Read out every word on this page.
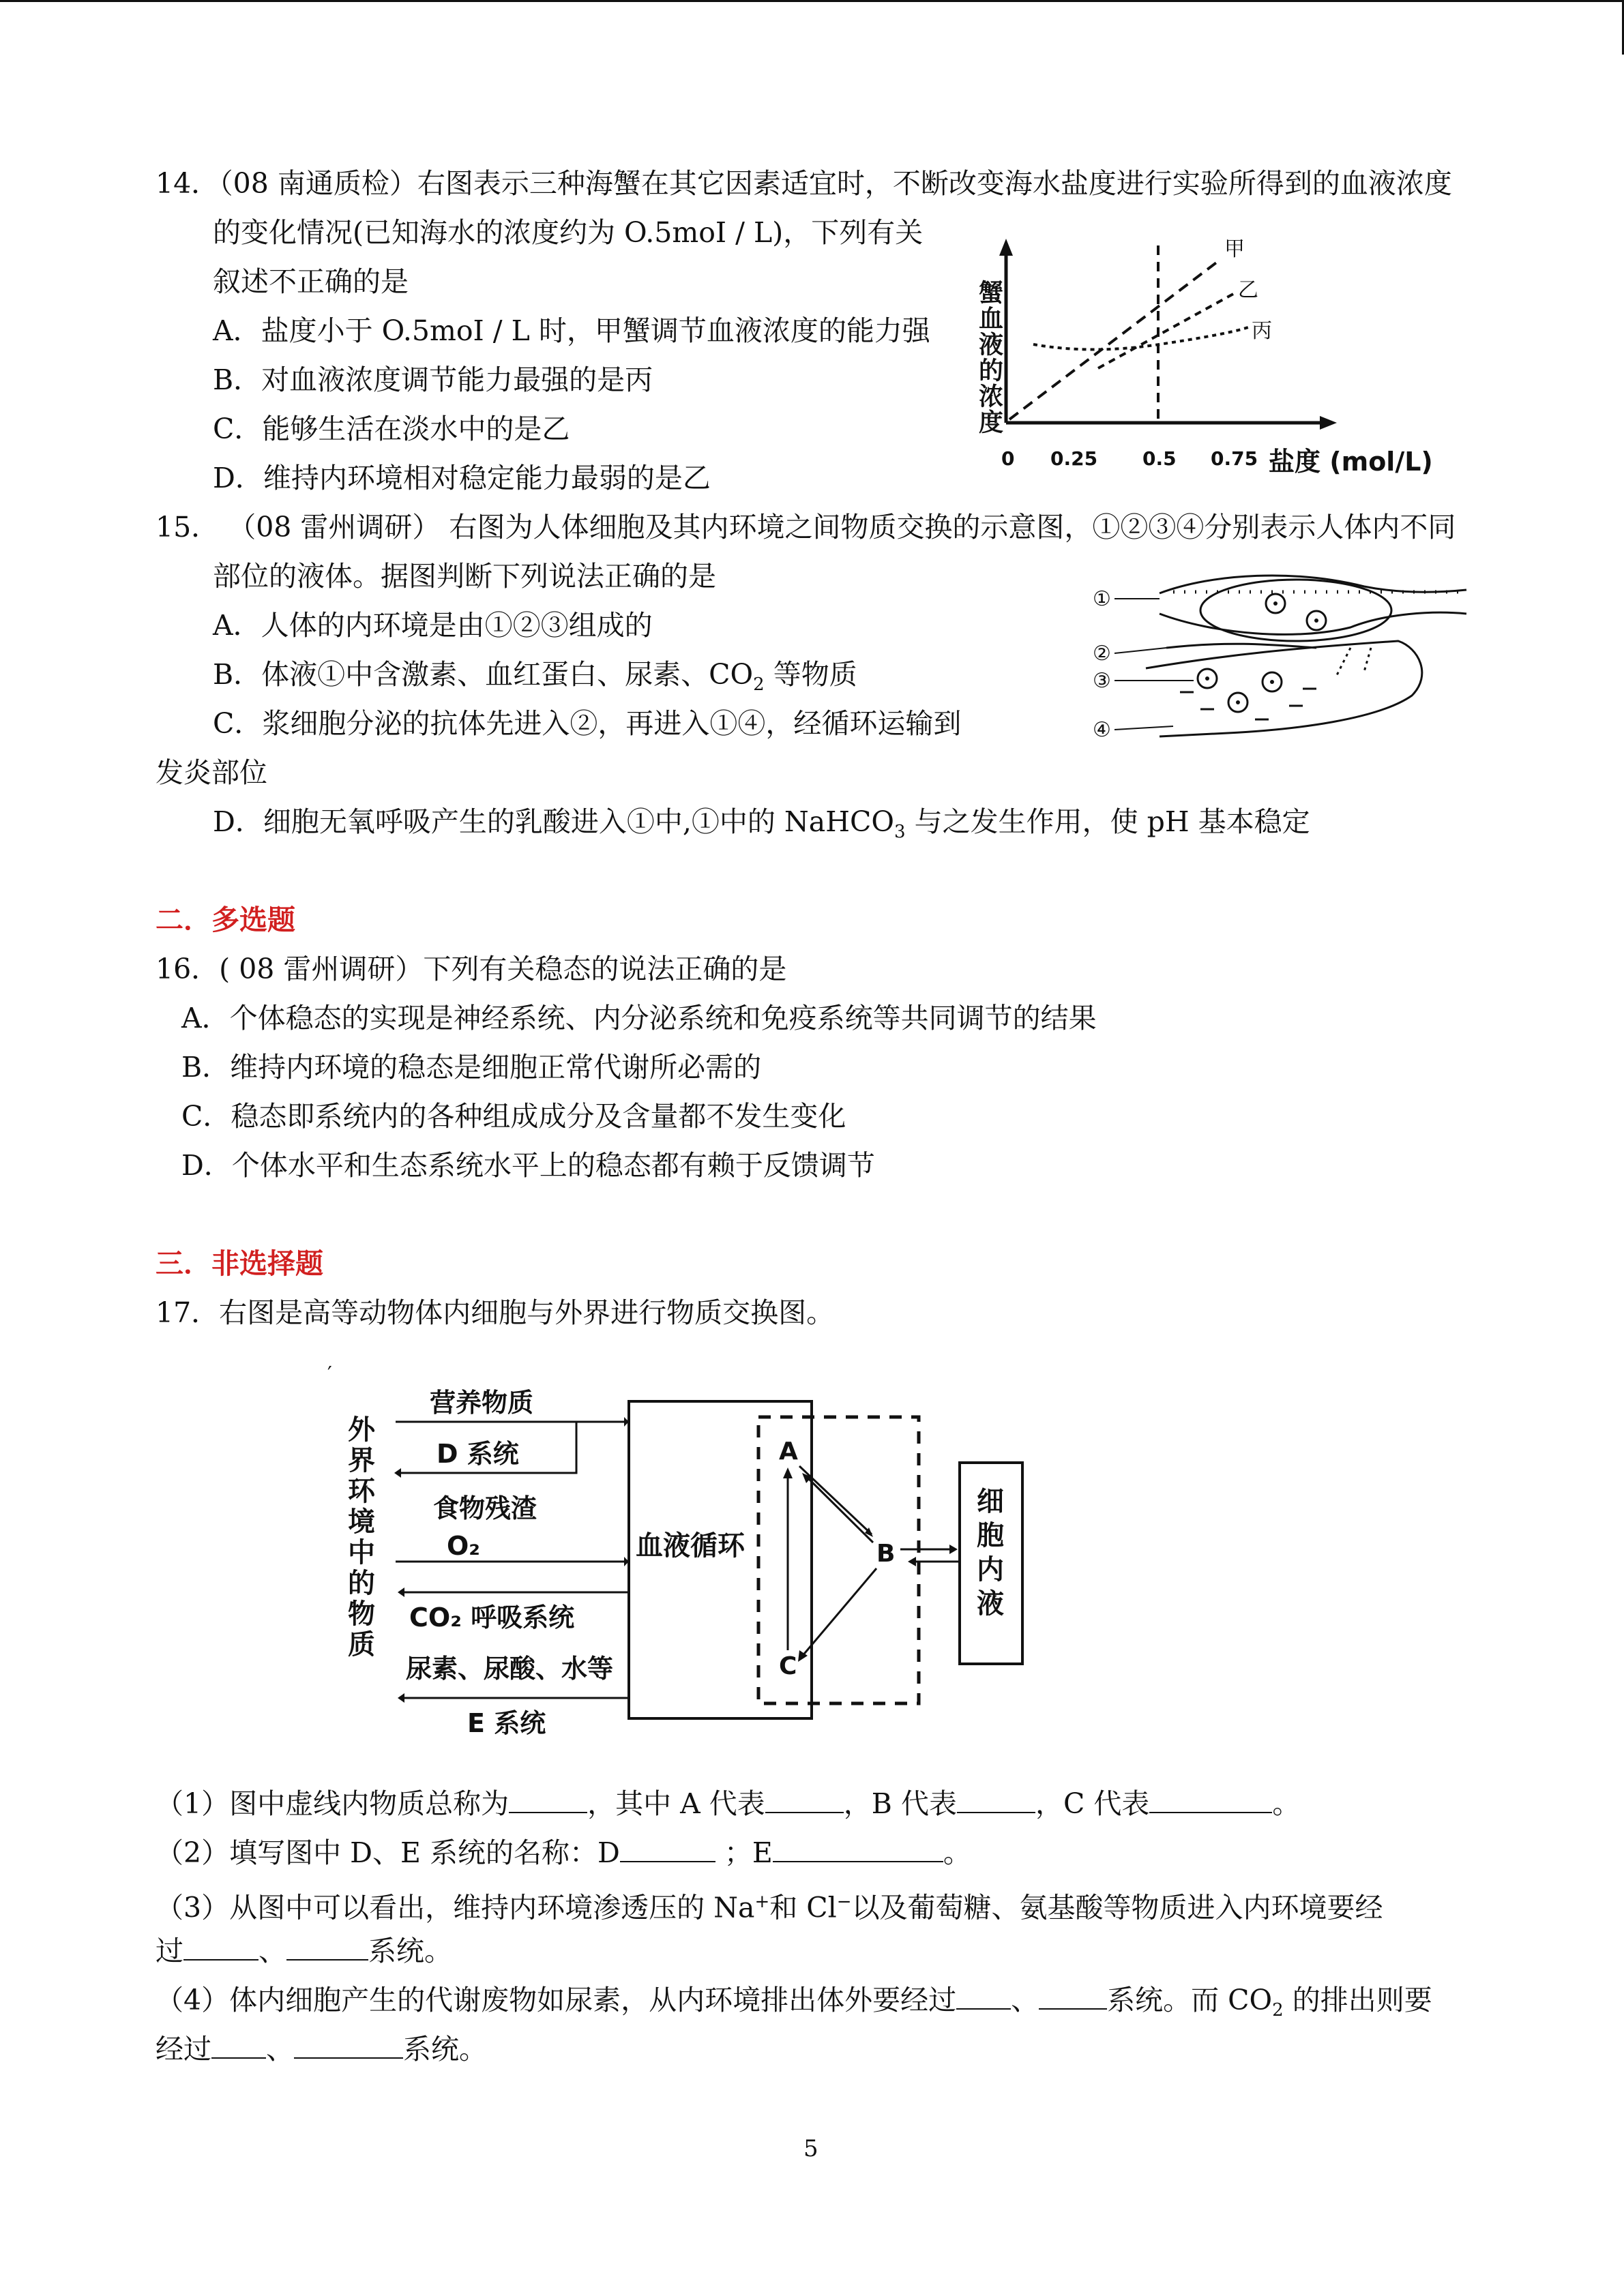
14．（08 南通质检）右图表示三种海蟹在其它因素适宜时，不断改变海水盐度进行实验所得到的血液浓度
的变化情况(已知海水的浓度约为 O.5moI / L)，下列有关
叙述不正确的是
A．盐度小于 O.5moI / L 时，甲蟹调节血液浓度的能力强
B．对血液浓度调节能力最强的是丙
C．能够生活在淡水中的是乙
D．维持内环境相对稳定能力最弱的是乙
蟹血液的浓度
甲
乙
丙
0 0.25 0.5 0.75 盐度 (mol/L)
15． （08 雷州调研） 右图为人体细胞及其内环境之间物质交换的示意图，①②③④分别表示人体内不同
部位的液体。据图判断下列说法正确的是
A．人体的内环境是由①②③组成的
B．体液①中含激素、血红蛋白、尿素、$CO_2$ 等物质
C．浆细胞分泌的抗体先进入②，再进入①④，经循环运输到
发炎部位
D．细胞无氧呼吸产生的乳酸进入①中,①中的 NaHCO$_3$ 与之发生作用，使 pH 基本稳定
①
②
③
④
二．多选题
16．( 08 雷州调研）下列有关稳态的说法正确的是
A．个体稳态的实现是神经系统、内分泌系统和免疫系统等共同调节的结果
B．维持内环境的稳态是细胞正常代谢所必需的
C．稳态即系统内的各种组成成分及含量都不发生变化
D．个体水平和生态系统水平上的稳态都有赖于反馈调节
三．非选择题
17．右图是高等动物体内细胞与外界进行物质交换图。
′
外
界
环
境
中
的
物
质
血液循环
营养物质
D 系统
食物残渣
O₂
CO₂ 呼吸系统
尿素、尿酸、水等
E 系统
A
B
C
细
胞
内
液
（1）图中虚线内物质总称为	，其中 A 代表	，B 代表	，C 代表	。
（2）填写图中 D、E 系统的名称：D	；E	。
（3）从图中可以看出，维持内环境渗透压的 Na+和 Cl−以及葡萄糖、氨基酸等物质进入内环境要经
过	、	系统。
（4）体内细胞产生的代谢废物如尿素，从内环境排出体外要经过 、 系统。而 $CO_2$ 的排出则要
经过 、	系统。
5
